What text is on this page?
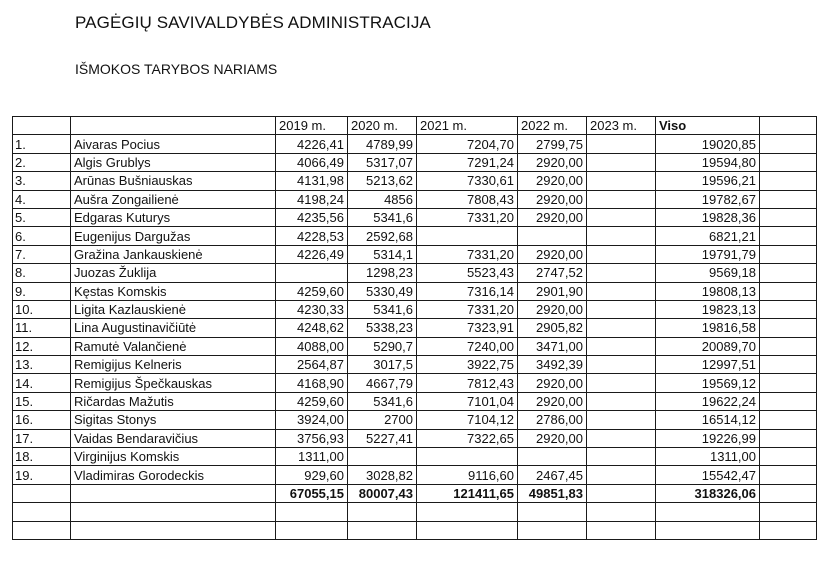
PAGĖGIŲ SAVIVALDYBĖS ADMINISTRACIJA
IŠMOKOS TARYBOS NARIAMS
		2019 m.	2020 m.	2021 m.	2022 m.	2023 m.	Viso	
1.	Aivaras Pocius	4226,41	4789,99	7204,70	2799,75		19020,85	
2.	Algis Grublys	4066,49	5317,07	7291,24	2920,00		19594,80	
3.	Arūnas Bušniauskas	4131,98	5213,62	7330,61	2920,00		19596,21	
4.	Aušra Zongailienė	4198,24	4856	7808,43	2920,00		19782,67	
5.	Edgaras Kuturys	4235,56	5341,6	7331,20	2920,00		19828,36	
6.	Eugenijus Dargužas	4228,53	2592,68				6821,21	
7.	Gražina Jankauskienė	4226,49	5314,1	7331,20	2920,00		19791,79	
8.	Juozas Žuklija		1298,23	5523,43	2747,52		9569,18	
9.	Kęstas Komskis	4259,60	5330,49	7316,14	2901,90		19808,13	
10.	Ligita Kazlauskienė	4230,33	5341,6	7331,20	2920,00		19823,13	
11.	Lina Augustinavičiūtė	4248,62	5338,23	7323,91	2905,82		19816,58	
12.	Ramutė Valančienė	4088,00	5290,7	7240,00	3471,00		20089,70	
13.	Remigijus Kelneris	2564,87	3017,5	3922,75	3492,39		12997,51	
14.	Remigijus Špečkauskas	4168,90	4667,79	7812,43	2920,00		19569,12	
15.	Ričardas Mažutis	4259,60	5341,6	7101,04	2920,00		19622,24	
16.	Sigitas Stonys	3924,00	2700	7104,12	2786,00		16514,12	
17.	Vaidas Bendaravičius	3756,93	5227,41	7322,65	2920,00		19226,99	
18.	Virginijus Komskis	1311,00					1311,00	
19.	Vladimiras Gorodeckis	929,60	3028,82	9116,60	2467,45		15542,47	
		67055,15	80007,43	121411,65	49851,83		318326,06	
